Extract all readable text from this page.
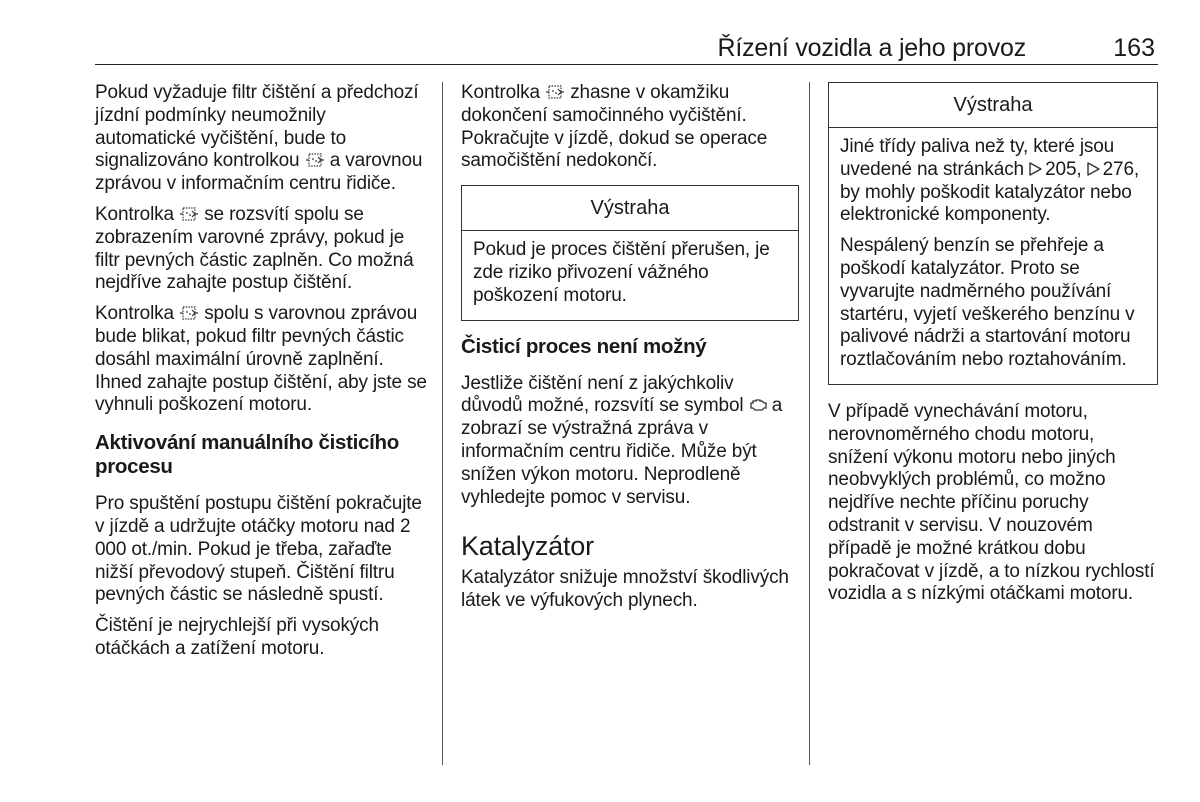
Řízení vozidla a jeho provoz	163

Pokud vyžaduje filtr čištění a předchozí jízdní podmínky neumožnily automatické vyčištění, bude to signalizováno kontrolkou a varovnou zprávou v informačním centru řidiče.

Kontrolka se rozsvítí spolu se zobrazením varovné zprávy, pokud je filtr pevných částic zaplněn. Co možná nejdříve zahajte postup čištění.

Kontrolka spolu s varovnou zprávou bude blikat, pokud filtr pevných částic dosáhl maximální úrovně zaplnění. Ihned zahajte postup čištění, aby jste se vyhnuli poškození motoru.

Aktivování manuálního čisticího procesu

Pro spuštění postupu čištění pokračujte v jízdě a udržujte otáčky motoru nad 2 000 ot./min. Pokud je třeba, zařaďte nižší převodový stupeň. Čištění filtru pevných částic se následně spustí.

Čištění je nejrychlejší při vysokých otáčkách a zatížení motoru.

Kontrolka zhasne v okamžiku dokončení samočinného vyčištění. Pokračujte v jízdě, dokud se operace samočištění nedokončí.

Výstraha

Pokud je proces čištění přerušen, je zde riziko přivození vážného poškození motoru.

Čisticí proces není možný

Jestliže čištění není z jakýchkoliv důvodů možné, rozsvítí se symbol a zobrazí se výstražná zpráva v informačním centru řidiče. Může být snížen výkon motoru. Neprodleně vyhledejte pomoc v servisu.

Katalyzátor

Katalyzátor snižuje množství škodlivých látek ve výfukových plynech.

Výstraha

Jiné třídy paliva než ty, které jsou uvedené na stránkách 205, 276, by mohly poškodit katalyzátor nebo elektronické komponenty.

Nespálený benzín se přehřeje a poškodí katalyzátor. Proto se vyvarujte nadměrného používání startéru, vyjetí veškerého benzínu v palivové nádrži a startování motoru roztlačováním nebo roztahováním.

V případě vynechávání motoru, nerovnoměrného chodu motoru, snížení výkonu motoru nebo jiných neobvyklých problémů, co možno nejdříve nechte příčinu poruchy odstranit v servisu. V nouzovém případě je možné krátkou dobu pokračovat v jízdě, a to nízkou rychlostí vozidla a s nízkými otáčkami motoru.
